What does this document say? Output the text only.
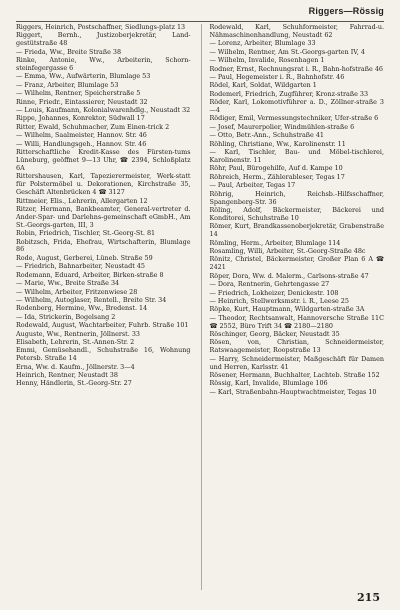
Riggers—Rössig

Riggers, Heinrich, Postschaffner, Siedlungs-platz 13

Riggert, Bernh., Justizoberjekretär, Land-gestütstraße 48

— Frieda, Ww., Breite Straße 38

Rinke, Antonie, Ww., Arbeiterin, Schorn-steinfegergasse 6

— Emma, Ww., Aufwärterin, Blumlage 53

— Franz, Arbeiter, Blumlage 53

— Wilhelm, Rentner, Speicherstraße 5

Rinne, Friedr., Eintassierer, Neustadt 32

— Louis, Kaufmann, Kolonialwarenhdlg., Neustadt 32

Rippe, Johannes, Konrektor, Südwall 17

Ritter, Ewald, Schuhmacher, Zum Einen-trick 2

— Wilhelm, Saalmeister, Hannov. Str. 46

— Willi, Handlungsgeh., Hannov. Str. 46

Ritterschaftliche Kredit-Kasse des Fürsten-tums Lüneburg, geöffnet 9—13 Uhr, ☎ 2394, Schloßplatz 6A

Rittershausen, Karl, Tapezierermeister, Werk-statt für Polstermöbel u. Dekorationen, Kirchstraße 35, Geschäft Altenbrücken 4 ☎ 3127

Rittmeier, Elis., Lehrerin, Allergarten 12

Ritzer, Hermann, Bankbeamter, General-vertreter d. Ander-Spar- und Darlehns-gemeinschaft eGmbH., Am St.-Georgs-garten, III, 3

Robin, Friedrich, Tischler, St.-Georg-St. 81

Robitzsch, Frida, Ehefrau, Wirtschafterin, Blumlage 86

Rode, August, Gerberei, Lüneb. Straße 59

— Friedrich, Bahnarbeiter, Neustadt 45

Rodemann, Eduard, Arbeiter, Birken-straße 8

— Marie, Ww., Breite Straße 34

— Wilhelm, Arbeiter, Fritzenwiese 28

— Wilhelm, Autoglaser, Rentell., Breite Str. 34

Rodenberg, Hermine, Ww., Bredenst. 14

— Ida, Strickerin, Bogelsang 2

Rodewald, August, Wachtarbeiter, Fuhrb. Straße 101

Auguste, Ww., Rentnerin, Jöllnerst. 33

Elisabeth, Lehrerin, St.-Annen-Str. 2

Emmi, Gemüsehandl., Schuhstraße 16, Wohnung Petersb. Straße 14

Erna, Ww. d. Kaufm., Jöllnerstr. 3—4

Heinrich, Rentner, Neustadt 38

Henny, Händlerin, St.-Georg-Str. 27

Rodewald, Karl, Schuhformeister, Fahrrad-u. Nähmaschinenhandlung, Neustadt 62

— Lorenz, Arbeiter, Blumlage 33

— Wilhelm, Rentner, Am St.-Georgs-garten IV, 4

— Wilhelm, Invalide, Rosenhagen 1

Rodner, Ernst, Rechnungsrat i. R., Bahn-hofstraße 46

— Paul, Hegemeister i. R., Bahnhofstr. 46

Rödel, Karl, Soldat, Wildgarten 1

Rodemerl, Friedrich, Zugführer, Kronz-straße 33

Röder, Karl, Lokomotivführer a. D., Zöllner-straße 3—4

Rödiger, Emil, Vermessungstechniker, Ufer-straße 6

— Josef, Maurerpolier, Windmühlen-straße 6

— Otto, Betr.-Ann., Schuhstraße 41

Röhling, Christiane, Ww., Karolinenstr. 11

— Karl, Tischler, Bau- und Möbel-tischlerei, Karolinenstr. 11

Röhr, Paul, Bürogehilfe, Auf d. Kampe 10

Röhreich, Herm., Zählerableser, Tegas 17

— Paul, Arbeiter, Tegas 17

Röhrig, Heinrich, Reichsb.-Hilfsschaffner, Spangenberg-Str. 36

Röling, Adolf, Bäckermeister, Bäckerei und Konditorei, Schuhstraße 10

Römer, Kurt, Brandkassenoberjekretär, Grabenstraße 14

Römling, Herm., Arbeiter, Blumlage 114

Rosamling, Willi, Arbeiter, St.-Georg-Straße 48c

Rönitz, Christel, Bäckermeister, Großer Plan 6 A ☎ 2421

Röper, Dora, Ww. d. Malerm., Carlsons-straße 47

— Dora, Rentnerin, Gehrtengasse 27

— Friedrich, Lokheizer, Denickestr. 108

— Heinrich, Stellwerksmstr. i. R., Leese 25

Röpke, Kurt, Hauptmann, Wildgarten-straße 3A

— Theodor, Rechtsanwalt, Hannoversche Straße 11C ☎ 2552, Büro Trift 34 ☎ 2180—2180

Röschinger, Georg, Bäcker, Neustadt 35

Rösen, von, Christian, Schneidermeister, Ratswaagemeister, Roopstraße 13

— Harry, Schneidermeister, Maßgeschäft für Damen und Herren, Karlsstr. 41

Rösener, Hermann, Buchhalter, Lachteb. Straße 152

Rössig, Karl, Invalide, Blumlage 106

— Karl, Straßenbahn-Hauptwachtmeister, Tegas 10

215
